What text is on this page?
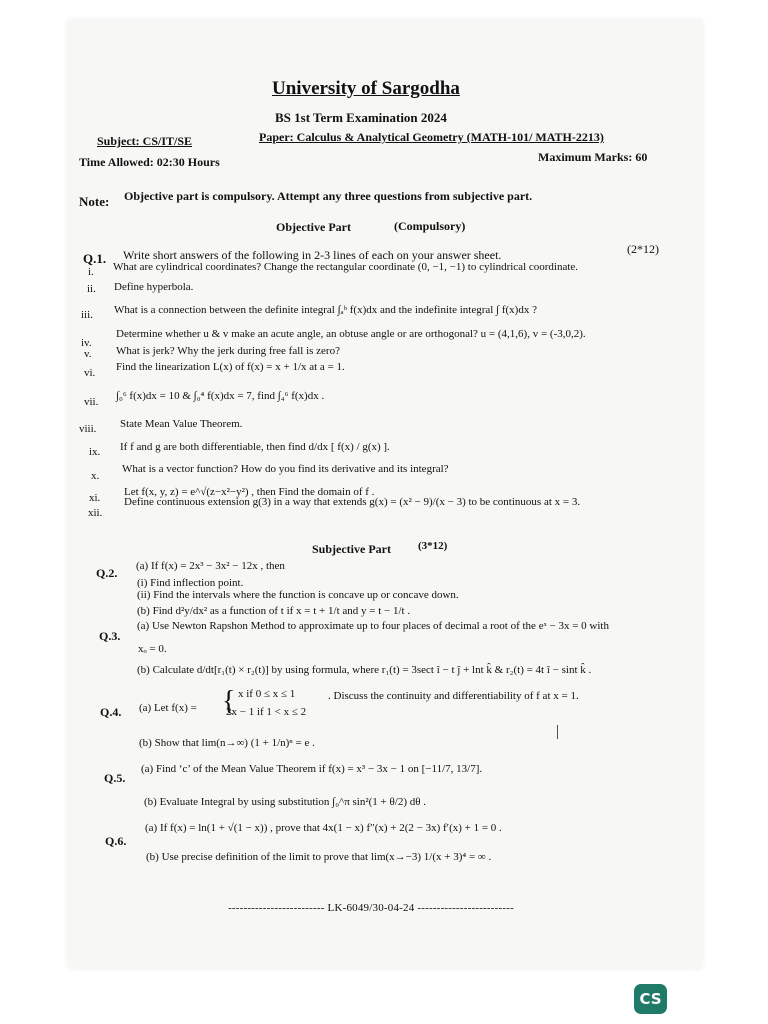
University of Sargodha
BS 1st Term Examination 2024
Subject: CS/IT/SE	Paper: Calculus & Analytical Geometry (MATH-101/ MATH-2213)
Time Allowed: 02:30 Hours	Maximum Marks: 60
Note: Objective part is compulsory. Attempt any three questions from subjective part.
Objective Part	(Compulsory)
Q.1. Write short answers of the following in 2-3 lines of each on your answer sheet.	(2*12)
i. What are cylindrical coordinates? Change the rectangular coordinate (0, −1, −1) to cylindrical coordinate.
ii. Define hyperbola.
iii. What is a connection between the definite integral ∫ₐᵇ f(x)dx and the indefinite integral ∫ f(x)dx ?
iv.
Determine whether u & v make an acute angle, an obtuse angle or are orthogonal? u = (4,1,6), v = (-3,0,2).
v. What is jerk? Why the jerk during free fall is zero?
vi. Find the linearization L(x) of f(x) = x + 1/x at a = 1.
vii. ∫₀⁶ f(x)dx = 10 & ∫₀⁴ f(x)dx = 7, find ∫₄⁶ f(x)dx .
viii. State Mean Value Theorem.
ix. If f and g are both differentiable, then find d/dx [ f(x) / g(x) ].
x.
What is a vector function? How do you find its derivative and its integral?
xi. Let f(x, y, z) = e^√(z−x²−y²) , then Find the domain of f .
xii.
Define continuous extension g(3) in a way that extends g(x) = (x² − 9)/(x − 3) to be continuous at x = 3.
Subjective Part (3*12)
Q.2. (a) If f(x) = 2x³ − 3x² − 12x , then
(i) Find inflection point.
(ii) Find the intervals where the function is concave up or concave down.
(b) Find d²y/dx² as a function of t if x = t + 1/t and y = t − 1/t .
Q.3.
(a) Use Newton Rapshon Method to approximate up to four places of decimal a root of the eˣ − 3x = 0 with
xₒ = 0.
(b) Calculate d/dt[r₁(t) × r₂(t)] by using formula, where r₁(t) = 3sect î − t ĵ + lnt k̂ & r₂(t) = 4t î − sint k̂ .
Q.4. (a) Let f(x) = { x if 0 ≤ x ≤ 1
2x − 1 if 1 < x ≤ 2
. Discuss the continuity and differentiability of f at x = 1.
(b) Show that lim(n→∞) (1 + 1/n)ⁿ = e .
Q.5.
(a) Find ‘c’ of the Mean Value Theorem if f(x) = x³ − 3x − 1 on [−11/7, 13/7].
(b) Evaluate Integral by using substitution ∫₀^π sin²(1 + θ/2) dθ .
Q.6.
(a) If f(x) = ln(1 + √(1 − x)) , prove that 4x(1 − x) f″(x) + 2(2 − 3x) f′(x) + 1 = 0 .
(b) Use precise definition of the limit to prove that lim(x→−3) 1/(x + 3)⁴ = ∞ .
------------------------- LK-6049/30-04-24 -------------------------
CS
